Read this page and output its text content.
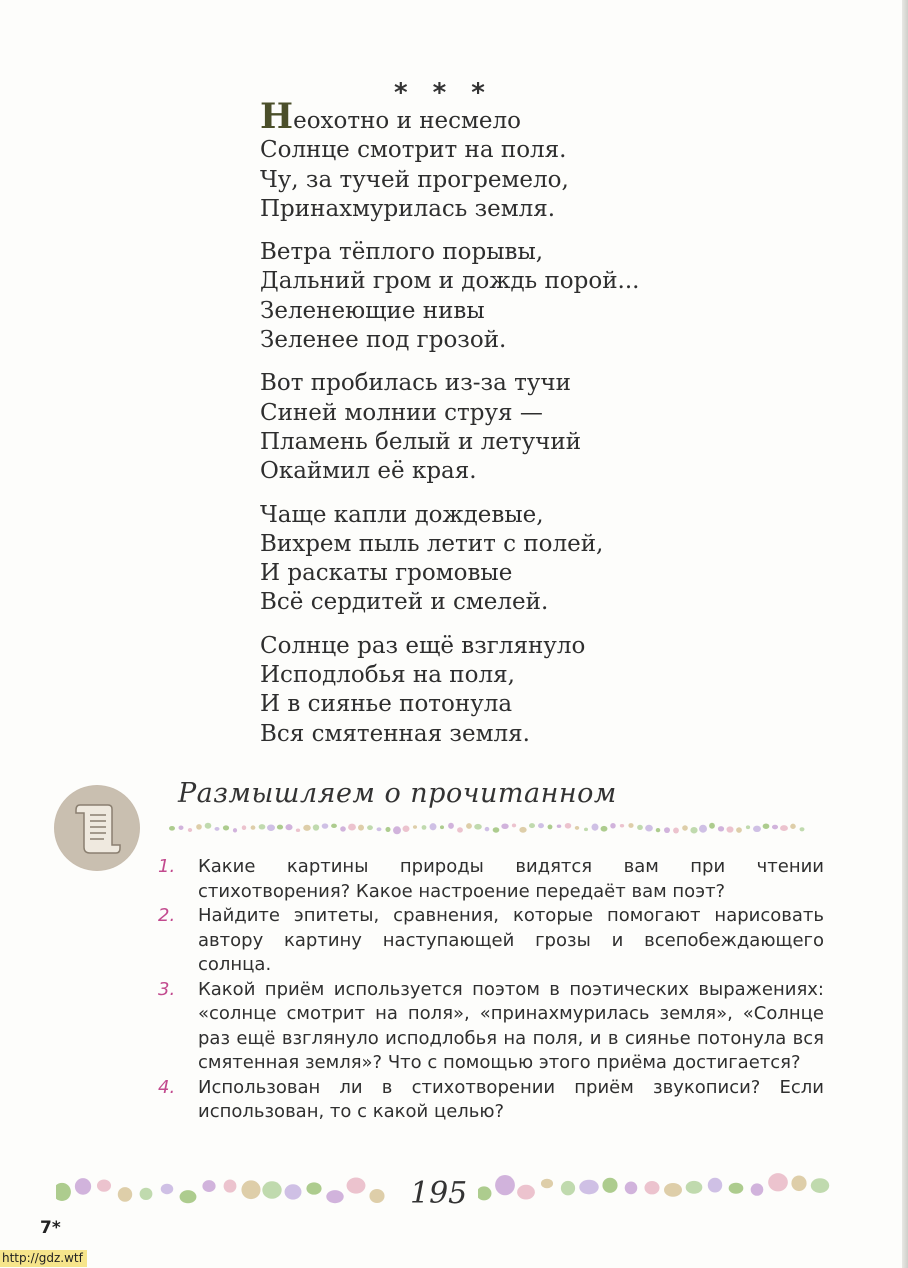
* * *
Неохотно и несмело
Солнце смотрит на поля.
Чу, за тучей прогремело,
Принахмурилась земля.
Ветра тёплого порывы,
Дальний гром и дождь порой...
Зеленеющие нивы
Зеленее под грозой.
Вот пробилась из-за тучи
Синей молнии струя —
Пламень белый и летучий
Окаймил её края.
Чаще капли дождевые,
Вихрем пыль летит с полей,
И раскаты громовые
Всё сердитей и смелей.
Солнце раз ещё взглянуло
Исподлобья на поля,
И в сиянье потонула
Вся смятенная земля.
Размышляем о прочитанном
1.	Какие картины природы видятся вам при чтении стихотворения? Какое настроение передаёт вам поэт?
2.	Найдите эпитеты, сравнения, которые помогают нарисовать автору картину наступающей грозы и всепобеждающего солнца.
3.	Какой приём используется поэтом в поэтических выражениях: «солнце смотрит на поля», «принахмурилась земля», «Солнце раз ещё взглянуло исподлобья на поля, и в сиянье потонула вся смятенная земля»? Что с помощью этого приёма достигается?
4.	Использован ли в стихотворении приём звукописи? Если использован, то с какой целью?
195
7*
http://gdz.wtf
